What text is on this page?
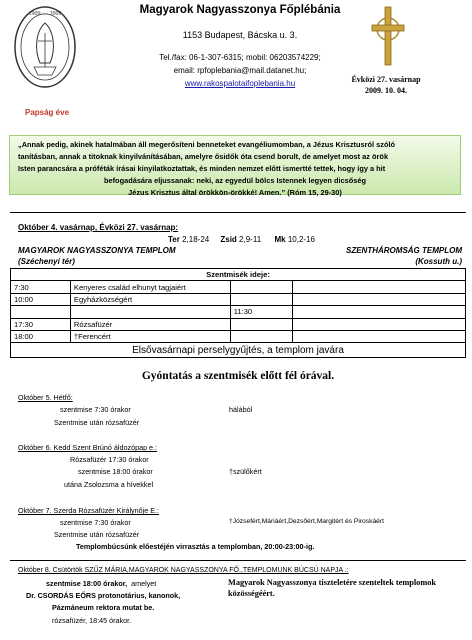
1909 — 2009	Magyarok Nagyasszonya Főplébánia
1153 Budapest, Bácska u. 3.
Tel./fax: 06-1-307-6315; mobil: 06203574229;
email: rpfoplebania@mail.datanet.hu;
www.rakospalotaifoplebania.hu	Évközi 27. vasárnap
2009. 10. 04.
Papság éve
„Annak pedig, akinek hatalmában áll megerősíteni benneteket evangéliumomban, a Jézus Krisztusról szóló
tanításban, annak a titoknak kinyilvánításában, amelyre ősidők óta csend borult, de amelyet most az örök
Isten parancsára a próféták írásai kinyilatkoztattak, és minden nemzet előtt ismertté tettek, hogy így a hit
befogadására eljussanak: neki, az egyedül bölcs Istennek legyen dicsőség
Jézus Krisztus által örökkön-örökké! Amen.” (Róm 15, 29-30)
Október 4. vasárnap, Évközi 27. vasárnap:
Ter 2,18-24 Zsid 2,9-11 Mk 10,2-16
MAGYAROK NAGYASSZONYA TEMPLOM
(Széchenyi tér)
SZENTHÁROMSÁG TEMPLOM
(Kossuth u.)
Szentmisék ideje:			
7:30	Kenyeres család elhunyt tagjaiért		
10:00	Egyházközségért		
		11:30	
17:30	Rózsafüzér		
18:00	†Ferencért		
Elsővasárnapi perselygyűjtés, a templom javára			
Gyóntatás a szentmisék előtt fél órával.
Október 5. Hétfő:
szentmise 7:30 órakor	hálából
Szentmise után rózsafüzér
Október 6. Kedd Szent Brúnó áldozópap e.:
Rózsafüzér 17:30 órakor
szentmise 18:00 órakor	†szülőkért
utána Zsolozsma a hívekkel
Október 7. Szerda Rózsafüzér Királynője E.:
szentmise 7:30 órakor	†Józsefért,Máriáért,Dezsőért,Margitért és Piroskáért
Szentmise után rózsafüzér
Templombúcsúnk előestéjén virrasztás a templomban, 20:00-23:00-ig.
Október 8. Csütörtök SZŰZ MÁRIA,MAGYAROK NAGYASSZONYA FŐ.,TEMPLOMUNK BÚCSÚ NAPJA .:
szentmise 18:00 órakor, amelyet
Dr. CSORDÁS EŐRS protonotárius, kanonok,
Pázmáneum rektora mutat be.
rózsafüzér, 18:45 órakor.
Magyarok Nagyasszonya tiszteletére szenteltek templomok közösségéért.
